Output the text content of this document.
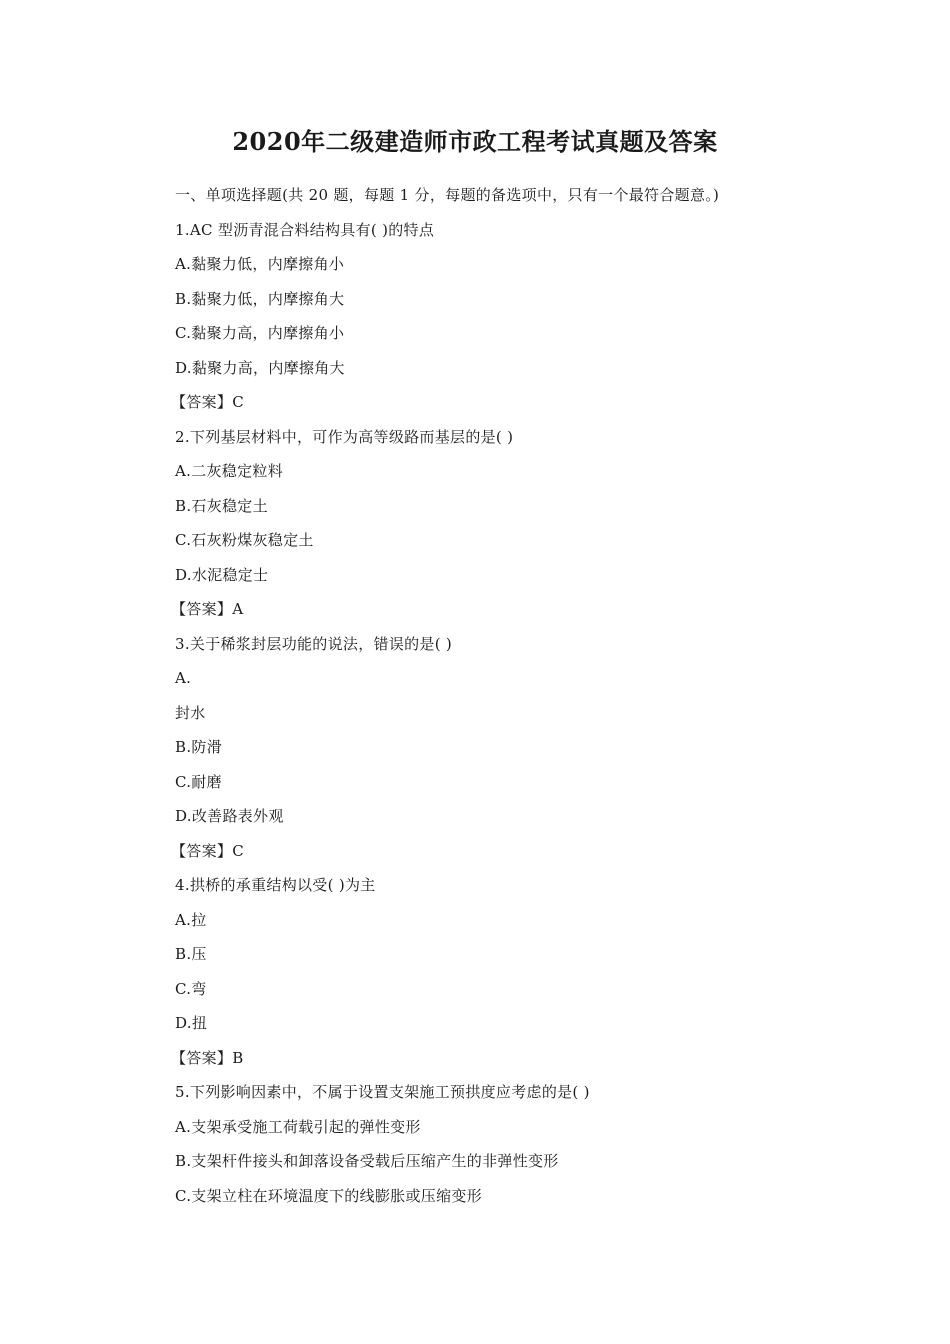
2020年二级建造师市政工程考试真题及答案
一、单项选择题(共 20 题，每题 1 分，每题的备选项中，只有一个最符合题意。)
1.AC 型沥青混合料结构具有( )的特点
A.黏聚力低，内摩擦角小
B.黏聚力低，内摩擦角大
C.黏聚力高，内摩擦角小
D.黏聚力高，内摩擦角大
【答案】C
2.下列基层材料中，可作为高等级路而基层的是( )
A.二灰稳定粒料
B.石灰稳定土
C.石灰粉煤灰稳定土
D.水泥稳定士
【答案】A
3.关于稀浆封层功能的说法，错误的是( )
A.
封水
B.防滑
C.耐磨
D.改善路表外观
【答案】C
4.拱桥的承重结构以受( )为主
A.拉
B.压
C.弯
D.扭
【答案】B
5.下列影响因素中，不属于设置支架施工预拱度应考虑的是( )
A.支架承受施工荷载引起的弹性变形
B.支架杆件接头和卸落设备受载后压缩产生的非弹性变形
C.支架立柱在环境温度下的线膨胀或压缩变形
